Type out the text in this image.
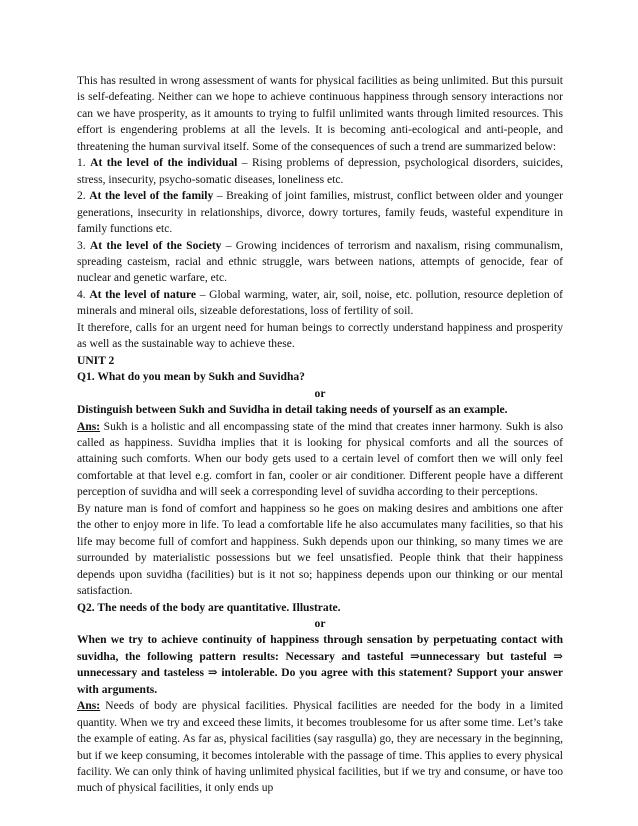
This has resulted in wrong assessment of wants for physical facilities as being unlimited. But this pursuit is self-defeating. Neither can we hope to achieve continuous happiness through sensory interactions nor can we have prosperity, as it amounts to trying to fulfil unlimited wants through limited resources. This effort is engendering problems at all the levels. It is becoming anti-ecological and anti-people, and threatening the human survival itself. Some of the consequences of such a trend are summarized below:

1. At the level of the individual – Rising problems of depression, psychological disorders, suicides, stress, insecurity, psycho-somatic diseases, loneliness etc.

2. At the level of the family – Breaking of joint families, mistrust, conflict between older and younger generations, insecurity in relationships, divorce, dowry tortures, family feuds, wasteful expenditure in family functions etc.

3. At the level of the Society – Growing incidences of terrorism and naxalism, rising communalism, spreading casteism, racial and ethnic struggle, wars between nations, attempts of genocide, fear of nuclear and genetic warfare, etc.

4. At the level of nature – Global warming, water, air, soil, noise, etc. pollution, resource depletion of minerals and mineral oils, sizeable deforestations, loss of fertility of soil.

It therefore, calls for an urgent need for human beings to correctly understand happiness and prosperity as well as the sustainable way to achieve these.

UNIT 2

Q1. What do you mean by Sukh and Suvidha?

or

Distinguish between Sukh and Suvidha in detail taking needs of yourself as an example.

Ans: Sukh is a holistic and all encompassing state of the mind that creates inner harmony. Sukh is also called as happiness. Suvidha implies that it is looking for physical comforts and all the sources of attaining such comforts. When our body gets used to a certain level of comfort then we will only feel comfortable at that level e.g. comfort in fan, cooler or air conditioner. Different people have a different perception of suvidha and will seek a corresponding level of suvidha according to their perceptions.

By nature man is fond of comfort and happiness so he goes on making desires and ambitions one after the other to enjoy more in life. To lead a comfortable life he also accumulates many facilities, so that his life may become full of comfort and happiness. Sukh depends upon our thinking, so many times we are surrounded by materialistic possessions but we feel unsatisfied. People think that their happiness depends upon suvidha (facilities) but is it not so; happiness depends upon our thinking or our mental satisfaction.

Q2. The needs of the body are quantitative. Illustrate.

or

When we try to achieve continuity of happiness through sensation by perpetuating contact with suvidha, the following pattern results: Necessary and tasteful ⇒unnecessary but tasteful ⇒ unnecessary and tasteless ⇒ intolerable. Do you agree with this statement? Support your answer with arguments.

Ans: Needs of body are physical facilities. Physical facilities are needed for the body in a limited quantity. When we try and exceed these limits, it becomes troublesome for us after some time. Let’s take the example of eating. As far as, physical facilities (say rasgulla) go, they are necessary in the beginning, but if we keep consuming, it becomes intolerable with the passage of time. This applies to every physical facility. We can only think of having unlimited physical facilities, but if we try and consume, or have too much of physical facilities, it only ends up
